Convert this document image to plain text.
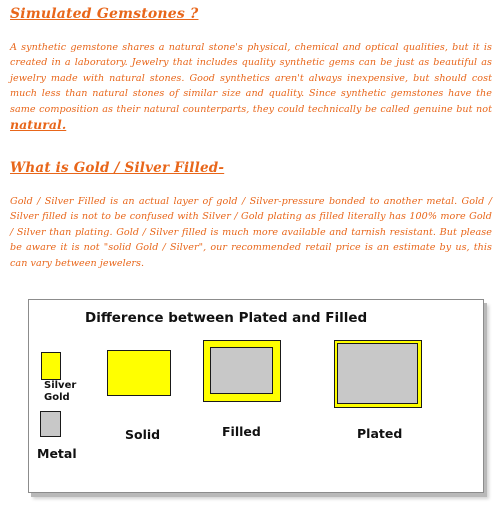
Simulated Gemstones ?

A synthetic gemstone shares a natural stone's physical, chemical and optical qualities, but it is created in a laboratory. Jewelry that includes quality synthetic gems can be just as beautiful as jewelry made with natural stones. Good synthetics aren't always inexpensive, but should cost much less than natural stones of similar size and quality. Since synthetic gemstones have the same composition as their natural counterparts, they could technically be called genuine but not natural.

What is Gold / Silver Filled-

Gold / Silver Filled is an actual layer of gold / Silver-pressure bonded to another metal. Gold / Silver filled is not to be confused with Silver / Gold plating as filled literally has 100% more Gold / Silver than plating. Gold / Silver filled is much more available and tarnish resistant. But please be aware it is not "solid Gold / Silver", our recommended retail price is an estimate by us, this can vary between jewelers.

Difference between Plated and Filled
Silver
Gold
Metal
Solid	Filled	Plated
